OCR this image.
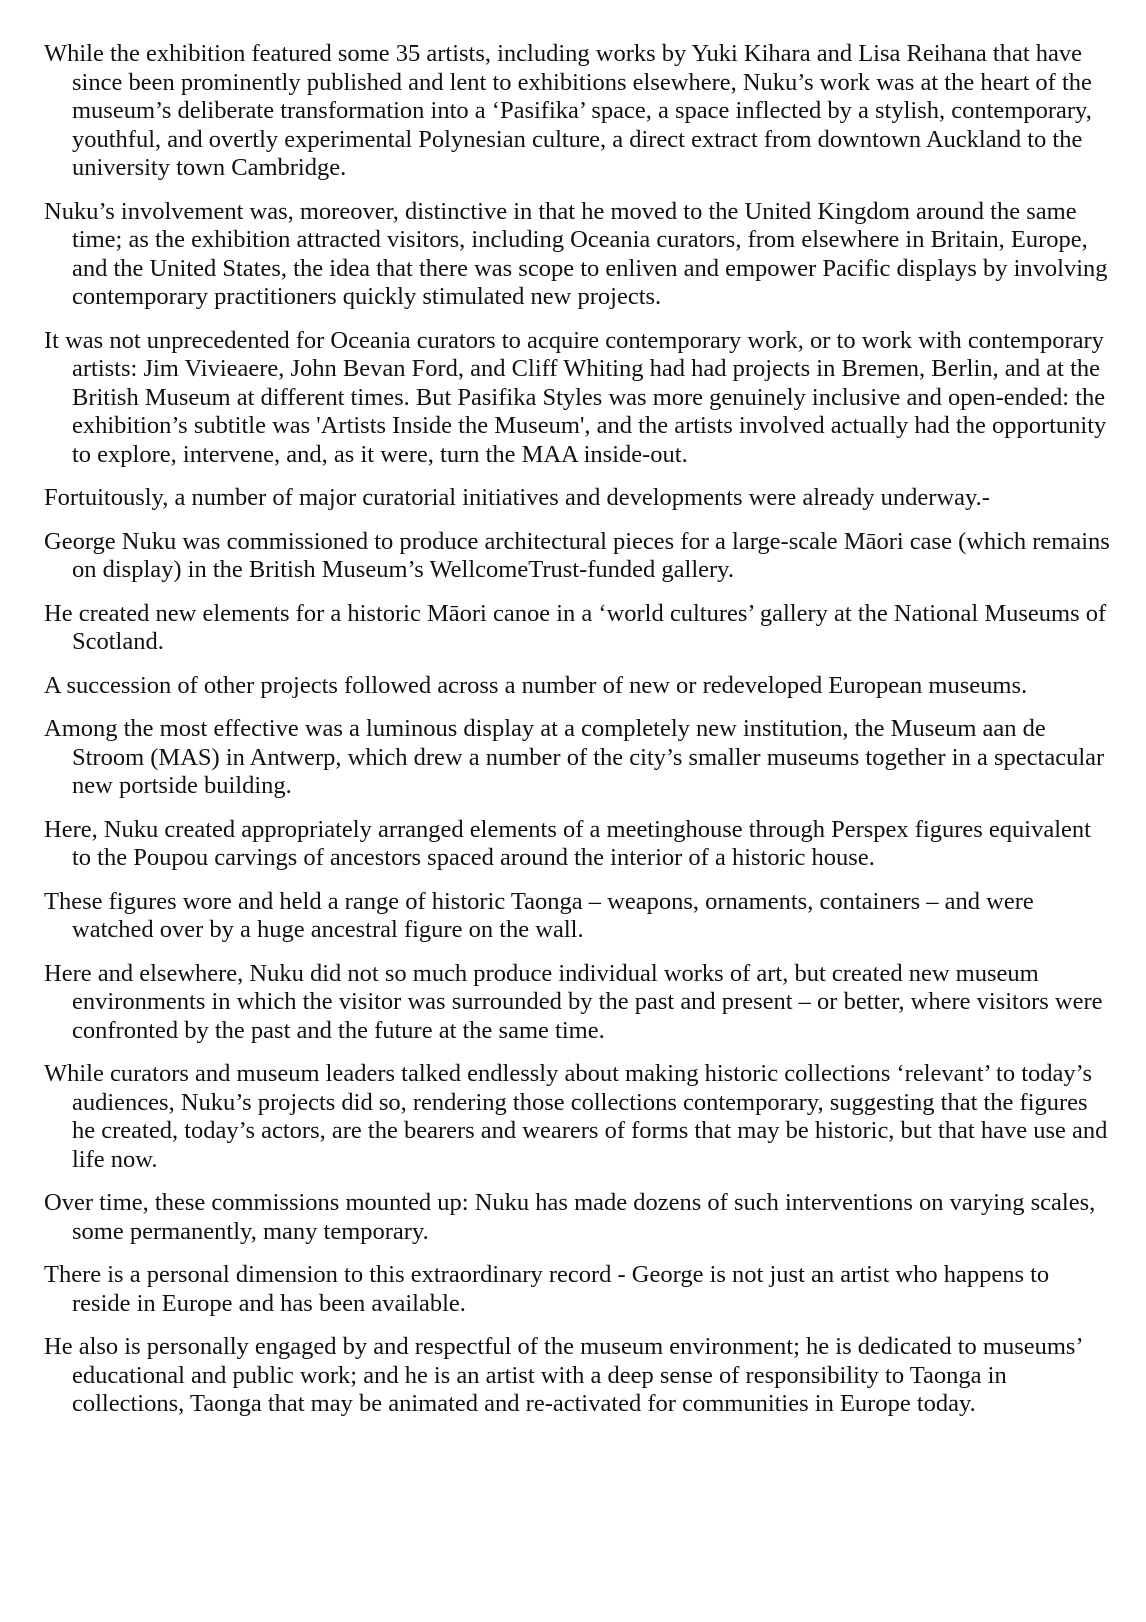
While the exhibition featured some 35 artists, including works by Yuki Kihara and Lisa Reihana that have since been prominently published and lent to exhibitions elsewhere, Nuku’s work was at the heart of the museum’s deliberate transformation into a ‘Pasifika’ space, a space inflected by a stylish, contemporary, youthful, and overtly experimental Polynesian culture, a direct extract from downtown Auckland to the university town Cambridge.

Nuku’s involvement was, moreover, distinctive in that he moved to the United Kingdom around the same time; as the exhibition attracted visitors, including Oceania curators, from elsewhere in Britain, Europe, and the United States, the idea that there was scope to enliven and empower Pacific displays by involving contemporary practitioners quickly stimulated new projects.

It was not unprecedented for Oceania curators to acquire contemporary work, or to work with contemporary artists: Jim Vivieaere, John Bevan Ford, and Cliff Whiting had had projects in Bremen, Berlin, and at the British Museum at different times. But Pasifika Styles was more genuinely inclusive and open-ended: the exhibition’s subtitle was 'Artists Inside the Museum', and the artists involved actually had the opportunity to explore, intervene, and, as it were, turn the MAA inside-out.

Fortuitously, a number of major curatorial initiatives and developments were already underway.-

George Nuku was commissioned to produce architectural pieces for a large-scale Māori case (which remains on display) in the British Museum’s WellcomeTrust-funded gallery.

He created new elements for a historic Māori canoe in a ‘world cultures’ gallery at the National Museums of Scotland.

A succession of other projects followed across a number of new or redeveloped European museums.

Among the most effective was a luminous display at a completely new institution, the Museum aan de Stroom (MAS) in Antwerp, which drew a number of the city’s smaller museums together in a spectacular new portside building.

Here, Nuku created appropriately arranged elements of a meetinghouse through Perspex figures equivalent to the Poupou carvings of ancestors spaced around the interior of a historic house.

These figures wore and held a range of historic Taonga – weapons, ornaments, containers – and were watched over by a huge ancestral figure on the wall.

Here and elsewhere, Nuku did not so much produce individual works of art, but created new museum environments in which the visitor was surrounded by the past and present – or better, where visitors were confronted by the past and the future at the same time.

While curators and museum leaders talked endlessly about making historic collections ‘relevant’ to today’s audiences, Nuku’s projects did so, rendering those collections contemporary, suggesting that the figures he created, today’s actors, are the bearers and wearers of forms that may be historic, but that have use and life now.

Over time, these commissions mounted up: Nuku has made dozens of such interventions on varying scales, some permanently, many temporary.

There is a personal dimension to this extraordinary record - George is not just an artist who happens to reside in Europe and has been available.

He also is personally engaged by and respectful of the museum environment; he is dedicated to museums’ educational and public work; and he is an artist with a deep sense of responsibility to Taonga in collections, Taonga that may be animated and re-activated for communities in Europe today.
